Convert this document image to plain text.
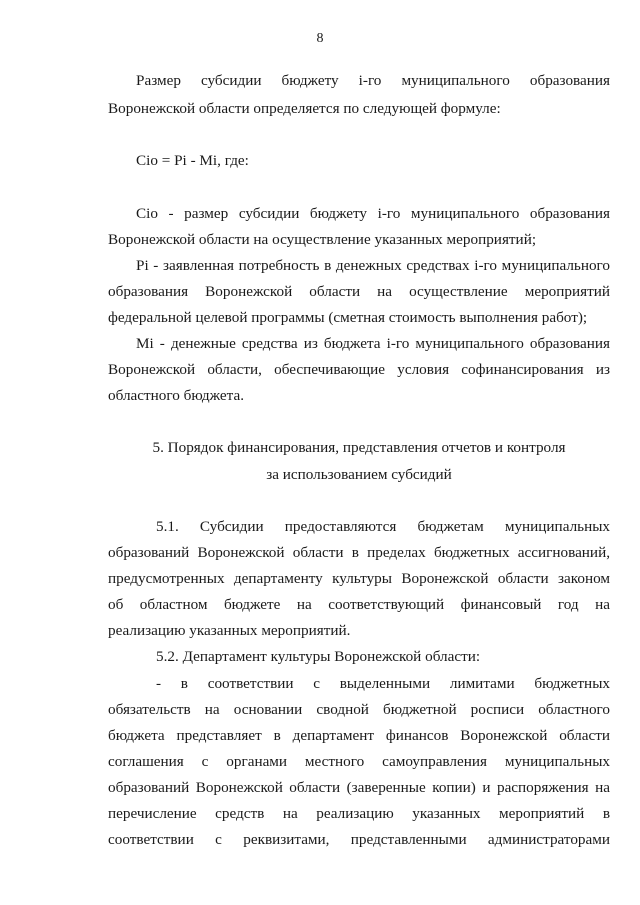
8
Размер субсидии бюджету i-го муниципального образования
Воронежской области определяется по следующей формуле:
Ciо = Pi - Mi, где:
Ciо - размер субсидии бюджету i-го муниципального образования
Воронежской области на осуществление указанных мероприятий;
Pi - заявленная потребность в денежных средствах i-го муниципального
образования Воронежской области на осуществление мероприятий
федеральной целевой программы (сметная стоимость выполнения работ);
Mi - денежные средства из бюджета i-го муниципального образования
Воронежской области, обеспечивающие условия софинансирования из
областного бюджета.
5. Порядок финансирования, представления отчетов и контроля
за использованием субсидий
5.1. Субсидии предоставляются бюджетам муниципальных
образований Воронежской области в пределах бюджетных ассигнований,
предусмотренных департаменту культуры Воронежской области законом
об областном бюджете на соответствующий финансовый год на
реализацию указанных мероприятий.
5.2. Департамент культуры Воронежской области:
- в соответствии с выделенными лимитами бюджетных
обязательств на основании сводной бюджетной росписи областного
бюджета представляет в департамент финансов Воронежской области
соглашения с органами местного самоуправления муниципальных
образований Воронежской области (заверенные копии) и распоряжения на
перечисление средств на реализацию указанных мероприятий в
соответствии с реквизитами, представленными администраторами
